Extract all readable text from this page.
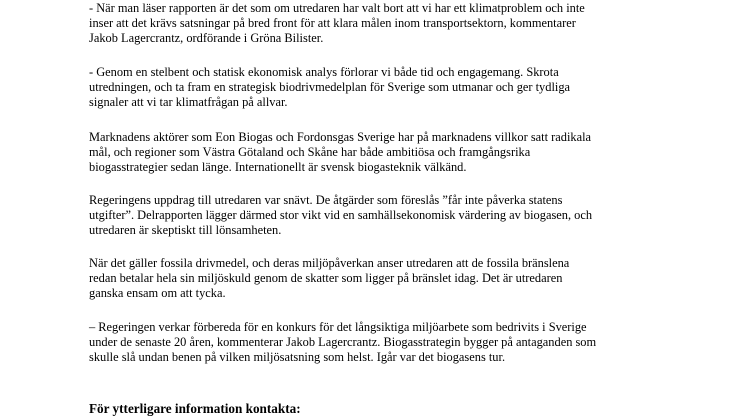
- När man läser rapporten är det som om utredaren har valt bort att vi har ett klimatproblem och inte
inser att det krävs satsningar på bred front för att klara målen inom transportsektorn, kommentarer
Jakob Lagercrantz, ordförande i Gröna Bilister.

- Genom en stelbent och statisk ekonomisk analys förlorar vi både tid och engagemang. Skrota
utredningen, och ta fram en strategisk biodrivmedelplan för Sverige som utmanar och ger tydliga
signaler att vi tar klimatfrågan på allvar.

Marknadens aktörer som Eon Biogas och Fordonsgas Sverige har på marknadens villkor satt radikala
mål, och regioner som Västra Götaland och Skåne har både ambitiösa och framgångsrika
biogasstrategier sedan länge. Internationellt är svensk biogasteknik välkänd.

Regeringens uppdrag till utredaren var snävt. De åtgärder som föreslås ”får inte påverka statens
utgifter”. Delrapporten lägger därmed stor vikt vid en samhällsekonomisk värdering av biogasen, och
utredaren är skeptiskt till lönsamheten.

När det gäller fossila drivmedel, och deras miljöpåverkan anser utredaren att de fossila bränslena
redan betalar hela sin miljöskuld genom de skatter som ligger på bränslet idag. Det är utredaren
ganska ensam om att tycka.

– Regeringen verkar förbereda för en konkurs för det långsiktiga miljöarbete som bedrivits i Sverige
under de senaste 20 åren, kommenterar Jakob Lagercrantz. Biogasstrategin bygger på antaganden som
skulle slå undan benen på vilken miljösatsning som helst. Igår var det biogasens tur.

För ytterligare information kontakta:
